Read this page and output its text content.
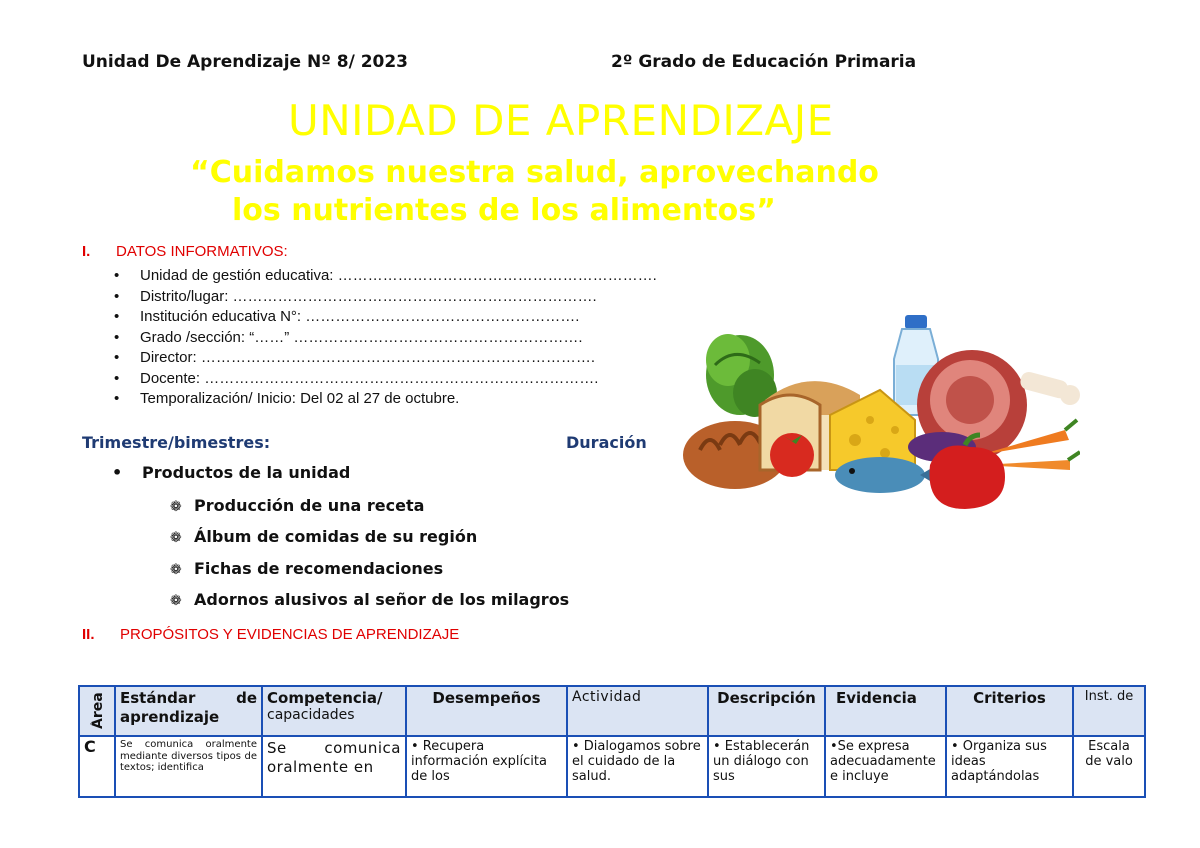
Unidad De Aprendizaje Nº 8/ 2023	2º Grado de Educación Primaria
UNIDAD DE APRENDIZAJE
“Cuidamos nuestra salud, aprovechando
los nutrientes de los alimentos”
I. DATOS INFORMATIVOS:
• Unidad de gestión educativa: ……………………………………………………….
• Distrito/lugar: ……………………………………………………………….
• Institución educativa N°: ……………………………………………….
• Grado /sección: “……” ………………………………………………….
• Director: …………………………………………………………………….
• Docente: …………………………………………………………………….
• Temporalización/ Inicio: Del 02 al 27 de octubre.
Trimestre/bimestres:	Duración
• Productos de la unidad
❁ Producción de una receta
❁ Álbum de comidas de su región
❁ Fichas de recomendaciones
❁ Adornos alusivos al señor de los milagros
II. PROPÓSITOS Y EVIDENCIAS DE APRENDIZAJE
Área	Estándar de aprendizaje	Competencia/
capacidades	Desempeños	Actividad	Descripción	Evidencia	Criterios	Inst. de
C	Se comunica oralmente mediante diversos tipos de textos; identifica	Se comunica oralmente en	• Recupera información explícita de los	• Dialogamos sobre el cuidado de la salud.	• Establecerán un diálogo con sus	•Se expresa adecuadamente e incluye	• Organiza sus ideas adaptándolas	Escala de valo
